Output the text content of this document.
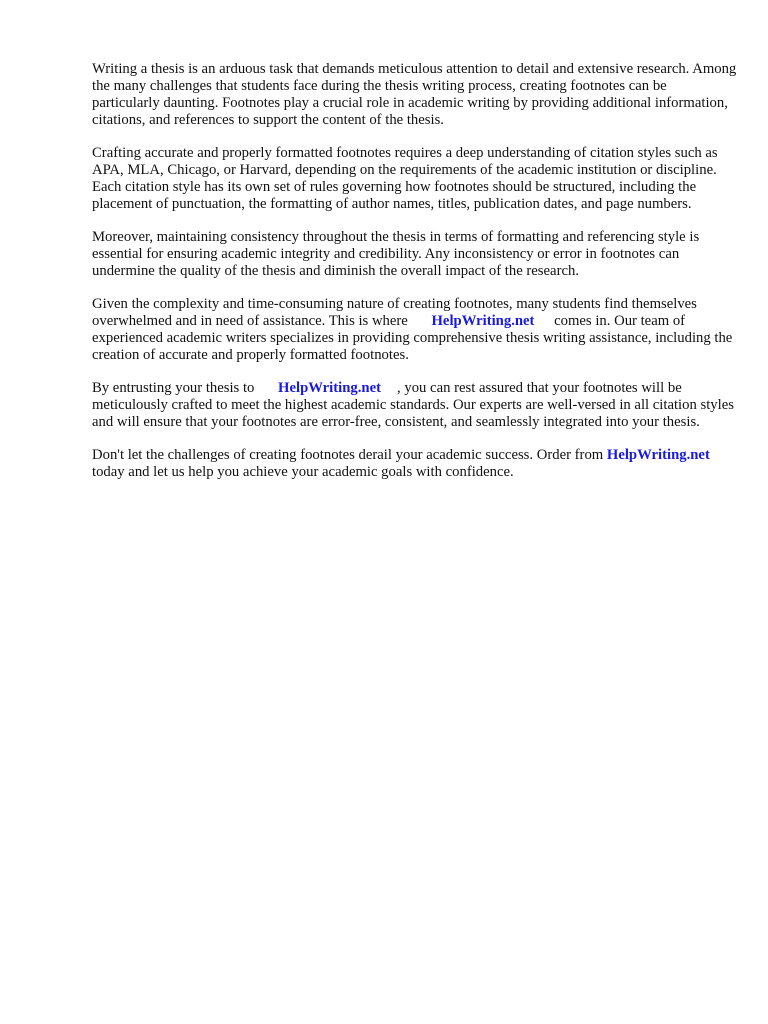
Writing a thesis is an arduous task that demands meticulous attention to detail and extensive research. Among the many challenges that students face during the thesis writing process, creating footnotes can be particularly daunting. Footnotes play a crucial role in academic writing by providing additional information, citations, and references to support the content of the thesis.

Crafting accurate and properly formatted footnotes requires a deep understanding of citation styles such as APA, MLA, Chicago, or Harvard, depending on the requirements of the academic institution or discipline. Each citation style has its own set of rules governing how footnotes should be structured, including the placement of punctuation, the formatting of author names, titles, publication dates, and page numbers.

Moreover, maintaining consistency throughout the thesis in terms of formatting and referencing style is essential for ensuring academic integrity and credibility. Any inconsistency or error in footnotes can undermine the quality of the thesis and diminish the overall impact of the research.

Given the complexity and time-consuming nature of creating footnotes, many students find themselves overwhelmed and in need of assistance. This is where HelpWriting.net comes in. Our team of experienced academic writers specializes in providing comprehensive thesis writing assistance, including the creation of accurate and properly formatted footnotes.

By entrusting your thesis to HelpWriting.net , you can rest assured that your footnotes will be meticulously crafted to meet the highest academic standards. Our experts are well-versed in all citation styles and will ensure that your footnotes are error-free, consistent, and seamlessly integrated into your thesis.

Don't let the challenges of creating footnotes derail your academic success. Order from HelpWriting.net today and let us help you achieve your academic goals with confidence.
